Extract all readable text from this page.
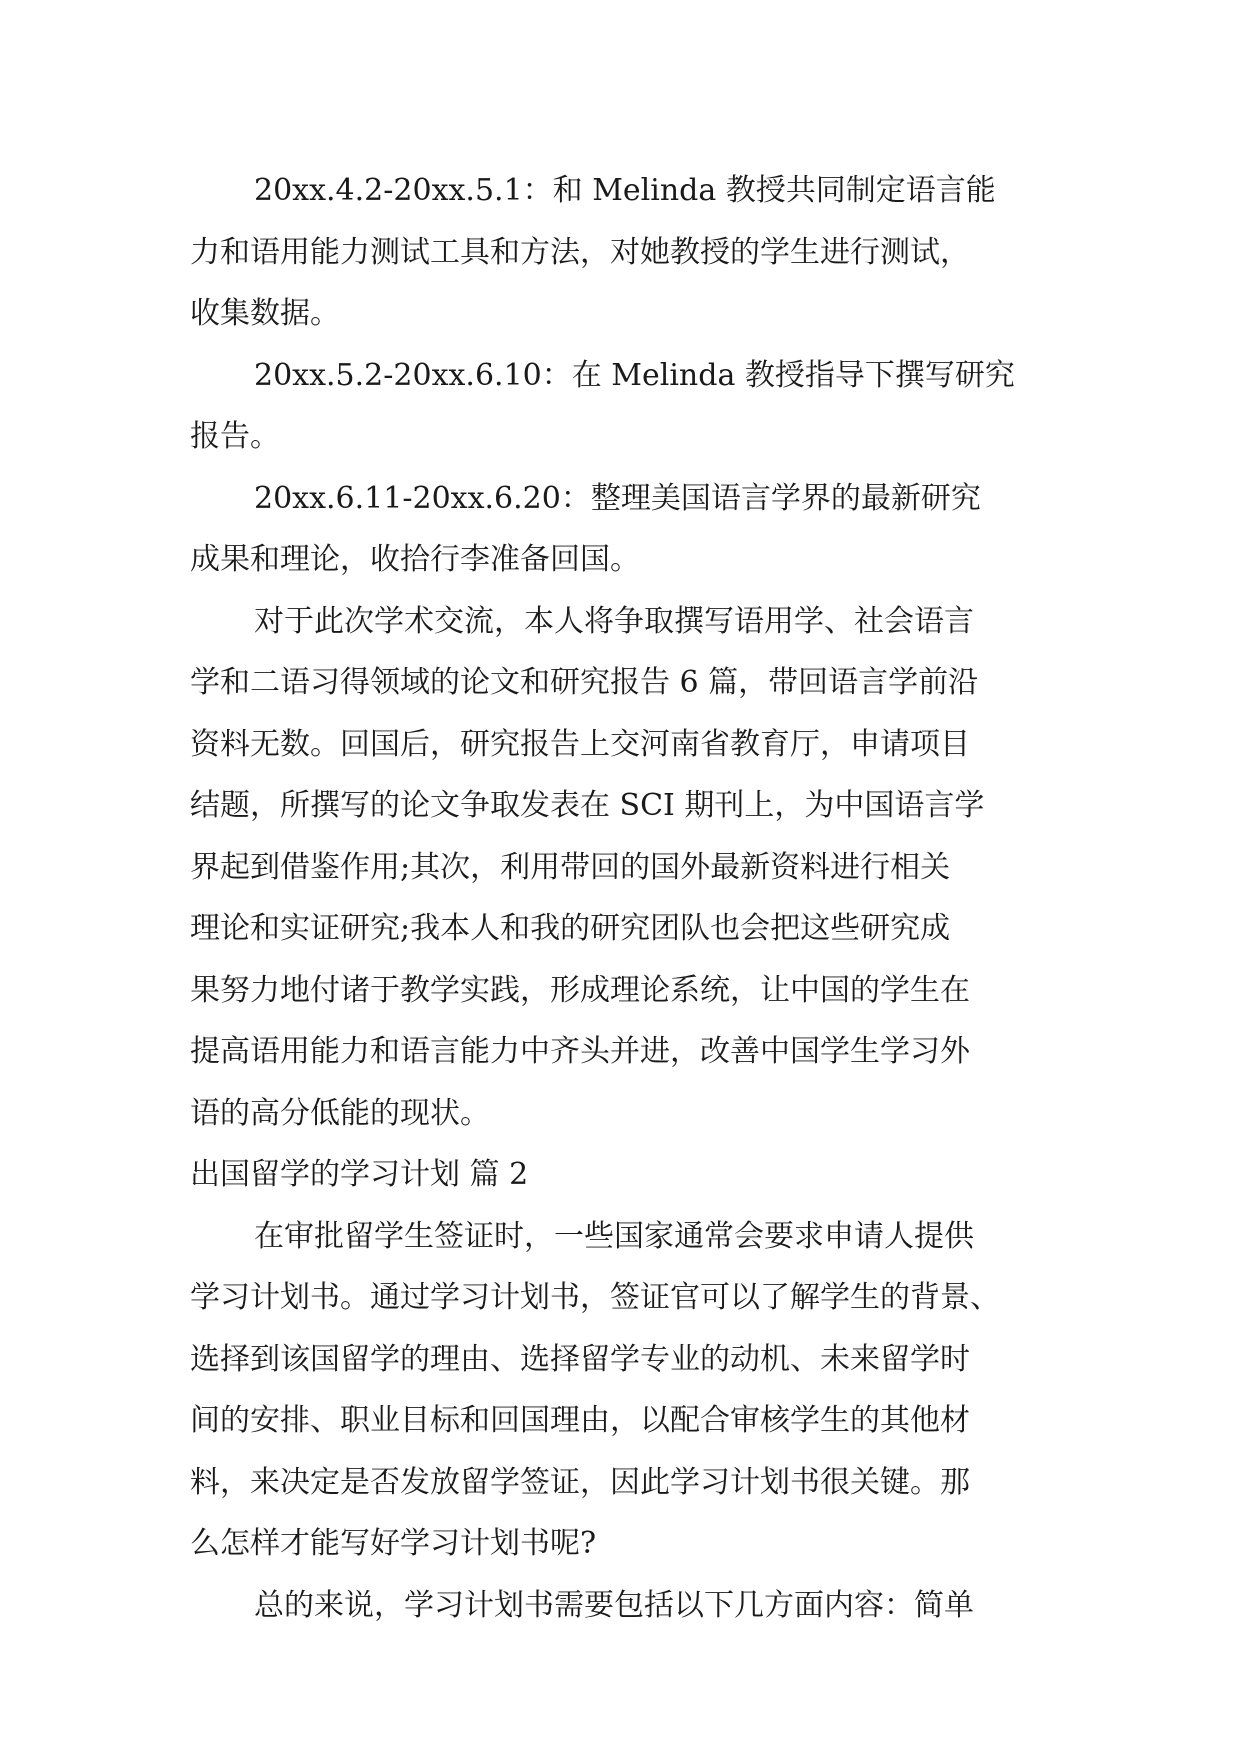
20xx.4.2-20xx.5.1：和 Melinda 教授共同制定语言能
力和语用能力测试工具和方法，对她教授的学生进行测试，
收集数据。
20xx.5.2-20xx.6.10：在 Melinda 教授指导下撰写研究
报告。
20xx.6.11-20xx.6.20：整理美国语言学界的最新研究
成果和理论，收拾行李准备回国。
对于此次学术交流，本人将争取撰写语用学、社会语言
学和二语习得领域的论文和研究报告 6 篇，带回语言学前沿
资料无数。回国后，研究报告上交河南省教育厅，申请项目
结题，所撰写的论文争取发表在 SCI 期刊上，为中国语言学
界起到借鉴作用;其次，利用带回的国外最新资料进行相关
理论和实证研究;我本人和我的研究团队也会把这些研究成
果努力地付诸于教学实践，形成理论系统，让中国的学生在
提高语用能力和语言能力中齐头并进，改善中国学生学习外
语的高分低能的现状。
出国留学的学习计划 篇 2
在审批留学生签证时，一些国家通常会要求申请人提供
学习计划书。通过学习计划书，签证官可以了解学生的背景、
选择到该国留学的理由、选择留学专业的动机、未来留学时
间的安排、职业目标和回国理由，以配合审核学生的其他材
料，来决定是否发放留学签证，因此学习计划书很关键。那
么怎样才能写好学习计划书呢?
总的来说，学习计划书需要包括以下几方面内容：简单
